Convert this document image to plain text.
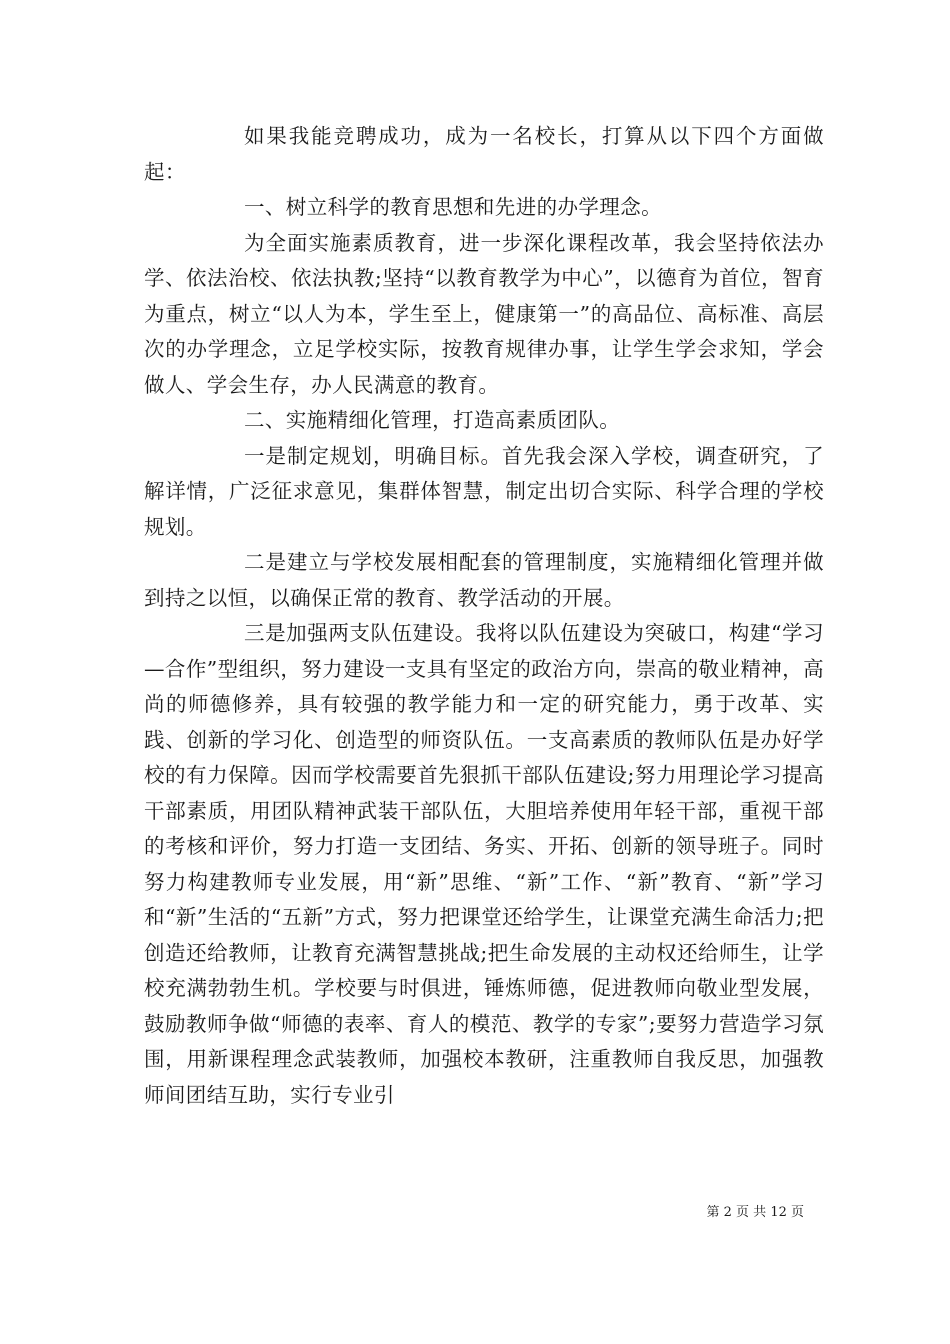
如果我能竞聘成功，成为一名校长，打算从以下四个方面做起：

一、树立科学的教育思想和先进的办学理念。

为全面实施素质教育，进一步深化课程改革，我会坚持依法办学、依法治校、依法执教;坚持“以教育教学为中心”，以德育为首位，智育为重点，树立“以人为本，学生至上，健康第一”的高品位、高标准、高层次的办学理念，立足学校实际，按教育规律办事，让学生学会求知，学会做人、学会生存，办人民满意的教育。

二、实施精细化管理，打造高素质团队。

一是制定规划，明确目标。首先我会深入学校，调查研究，了解详情，广泛征求意见，集群体智慧，制定出切合实际、科学合理的学校规划。

二是建立与学校发展相配套的管理制度，实施精细化管理并做到持之以恒，以确保正常的教育、教学活动的开展。

三是加强两支队伍建设。我将以队伍建设为突破口，构建“学习—合作”型组织，努力建设一支具有坚定的政治方向，崇高的敬业精神，高尚的师德修养，具有较强的教学能力和一定的研究能力，勇于改革、实践、创新的学习化、创造型的师资队伍。一支高素质的教师队伍是办好学校的有力保障。因而学校需要首先狠抓干部队伍建设;努力用理论学习提高干部素质，用团队精神武装干部队伍，大胆培养使用年轻干部，重视干部的考核和评价，努力打造一支团结、务实、开拓、创新的领导班子。同时努力构建教师专业发展，用“新”思维、“新”工作、“新”教育、“新”学习和“新”生活的“五新”方式，努力把课堂还给学生，让课堂充满生命活力;把创造还给教师，让教育充满智慧挑战;把生命发展的主动权还给师生，让学校充满勃勃生机。学校要与时俱进，锤炼师德，促进教师向敬业型发展，鼓励教师争做“师德的表率、育人的模范、教学的专家”;要努力营造学习氛围，用新课程理念武装教师，加强校本教研，注重教师自我反思，加强教师间团结互助，实行专业引

第 2 页 共 12 页
